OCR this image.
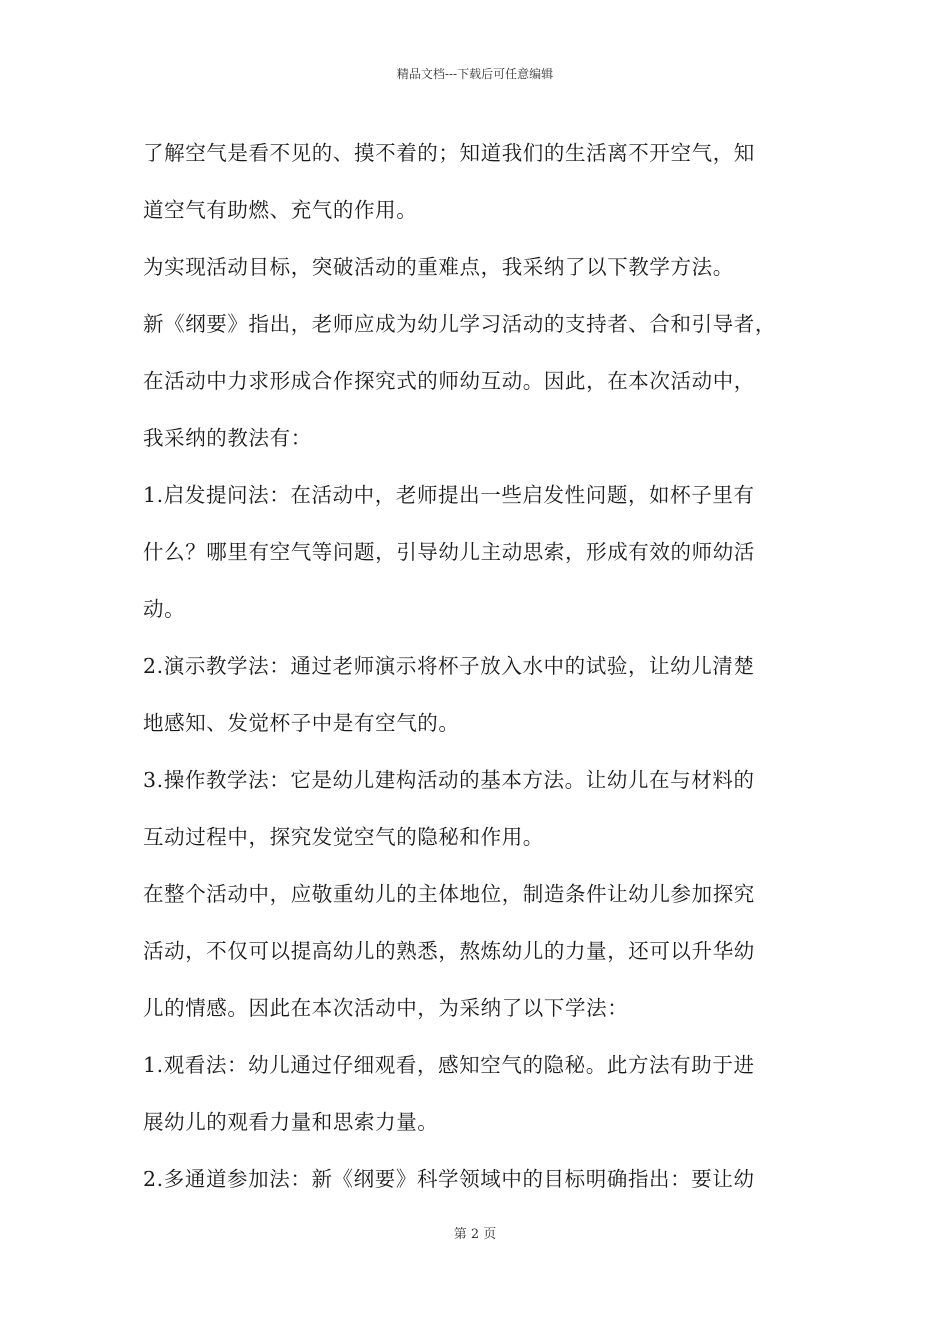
精品文档---下载后可任意编辑
了解空气是看不见的、摸不着的；知道我们的生活离不开空气，知
道空气有助燃、充气的作用。
为实现活动目标，突破活动的重难点，我采纳了以下教学方法。
新《纲要》指出，老师应成为幼儿学习活动的支持者、合和引导者，
在活动中力求形成合作探究式的师幼互动。因此，在本次活动中，
我采纳的教法有：
1.启发提问法：在活动中，老师提出一些启发性问题，如杯子里有
什么？哪里有空气等问题，引导幼儿主动思索，形成有效的师幼活
动。
2.演示教学法：通过老师演示将杯子放入水中的试验，让幼儿清楚
地感知、发觉杯子中是有空气的。
3.操作教学法：它是幼儿建构活动的基本方法。让幼儿在与材料的
互动过程中，探究发觉空气的隐秘和作用。
在整个活动中，应敬重幼儿的主体地位，制造条件让幼儿参加探究
活动，不仅可以提高幼儿的熟悉，熬炼幼儿的力量，还可以升华幼
儿的情感。因此在本次活动中，为采纳了以下学法：
1.观看法：幼儿通过仔细观看，感知空气的隐秘。此方法有助于进
展幼儿的观看力量和思索力量。
2.多通道参加法：新《纲要》科学领域中的目标明确指出：要让幼
第 2 页
